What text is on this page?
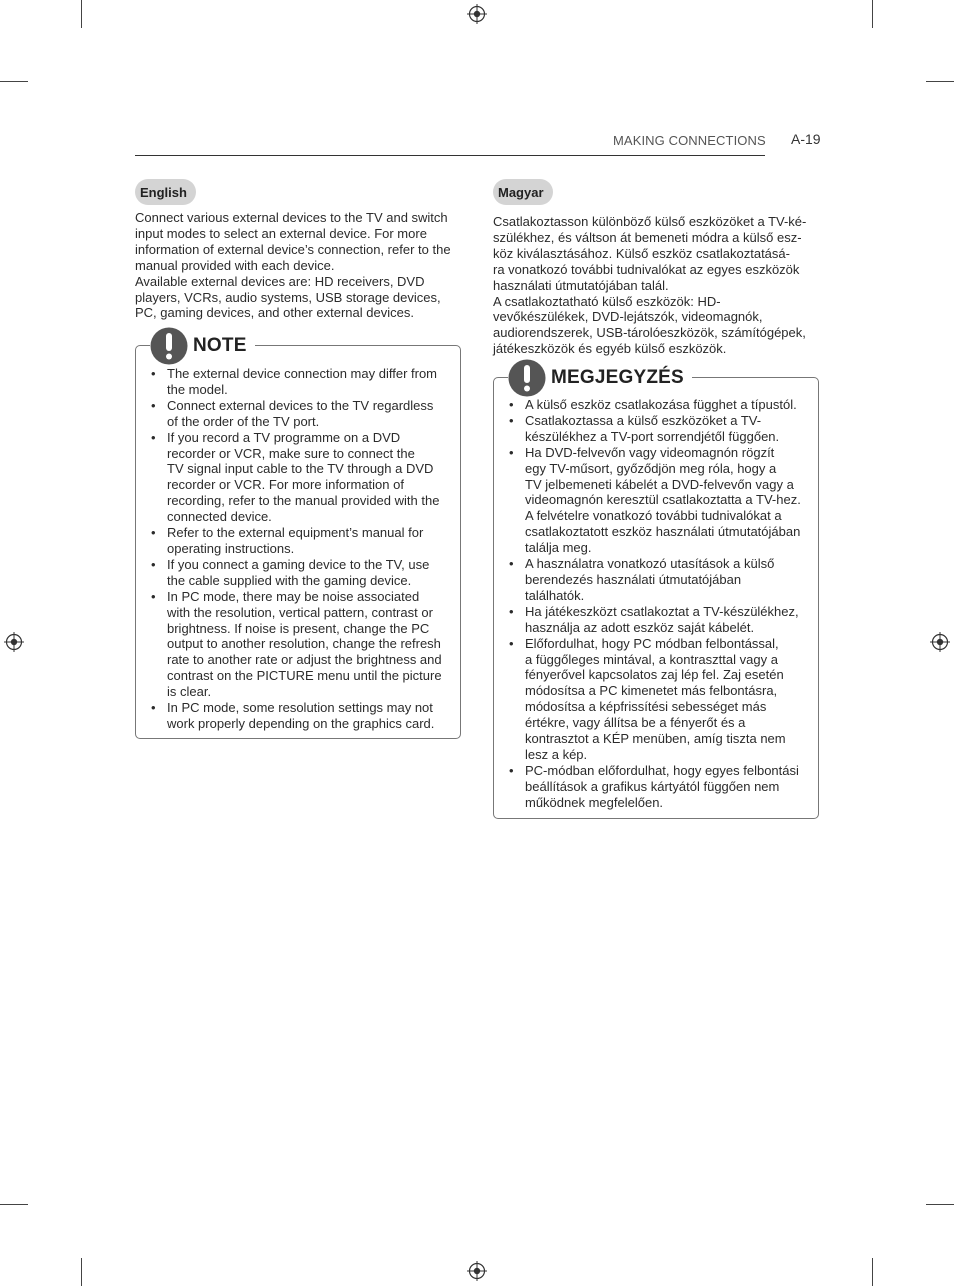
MAKING CONNECTIONS A-19
English

Connect various external devices to the TV and switch

input modes to select an external device. For more

information of external device’s connection, refer to the

manual provided with each device.

Available external devices are: HD receivers, DVD

players, VCRs, audio systems, USB storage devices,

PC, gaming devices, and other external devices.

NOTE
• The external device connection may differ from
the model.
• Connect external devices to the TV regardless
of the order of the TV port.
• If you record a TV programme on a DVD
recorder or VCR, make sure to connect the
TV signal input cable to the TV through a DVD
recorder or VCR. For more information of
recording, refer to the manual provided with the
connected device.
• Refer to the external equipment’s manual for
operating instructions.
• If you connect a gaming device to the TV, use
the cable supplied with the gaming device.
• In PC mode, there may be noise associated
with the resolution, vertical pattern, contrast or
brightness. If noise is present, change the PC
output to another resolution, change the refresh
rate to another rate or adjust the brightness and
contrast on the PICTURE menu until the picture
is clear.
• In PC mode, some resolution settings may not
work properly depending on the graphics card.
Magyar

Csatlakoztasson különböző külső eszközöket a TV-ké-

szülékhez, és váltson át bemeneti módra a külső esz-

köz kiválasztásához. Külső eszköz csatlakoztatásá-

ra vonatkozó további tudnivalókat az egyes eszközök

használati útmutatójában talál.

A csatlakoztatható külső eszközök: HD-

vevőkészülékek, DVD-lejátszók, videomagnók,

audiorendszerek, USB-tárolóeszközök, számítógépek,

játékeszközök és egyéb külső eszközök.

MEGJEGYZÉS
• A külső eszköz csatlakozása függhet a típustól.
• Csatlakoztassa a külső eszközöket a TV-
készülékhez a TV-port sorrendjétől függően.
• Ha DVD-felvevőn vagy videomagnón rögzít
egy TV-műsort, győződjön meg róla, hogy a
TV jelbemeneti kábelét a DVD-felvevőn vagy a
videomagnón keresztül csatlakoztatta a TV-hez.
A felvételre vonatkozó további tudnivalókat a
csatlakoztatott eszköz használati útmutatójában
találja meg.
• A használatra vonatkozó utasítások a külső
berendezés használati útmutatójában
találhatók.
• Ha játékeszközt csatlakoztat a TV-készülékhez,
használja az adott eszköz saját kábelét.
• Előfordulhat, hogy PC módban felbontással,
a függőleges mintával, a kontraszttal vagy a
fényerővel kapcsolatos zaj lép fel. Zaj esetén
módosítsa a PC kimenetet más felbontásra,
módosítsa a képfrissítési sebességet más
értékre, vagy állítsa be a fényerőt és a
kontrasztot a KÉP menüben, amíg tiszta nem
lesz a kép.
• PC-módban előfordulhat, hogy egyes felbontási
beállítások a grafikus kártyától függően nem
működnek megfelelően.
